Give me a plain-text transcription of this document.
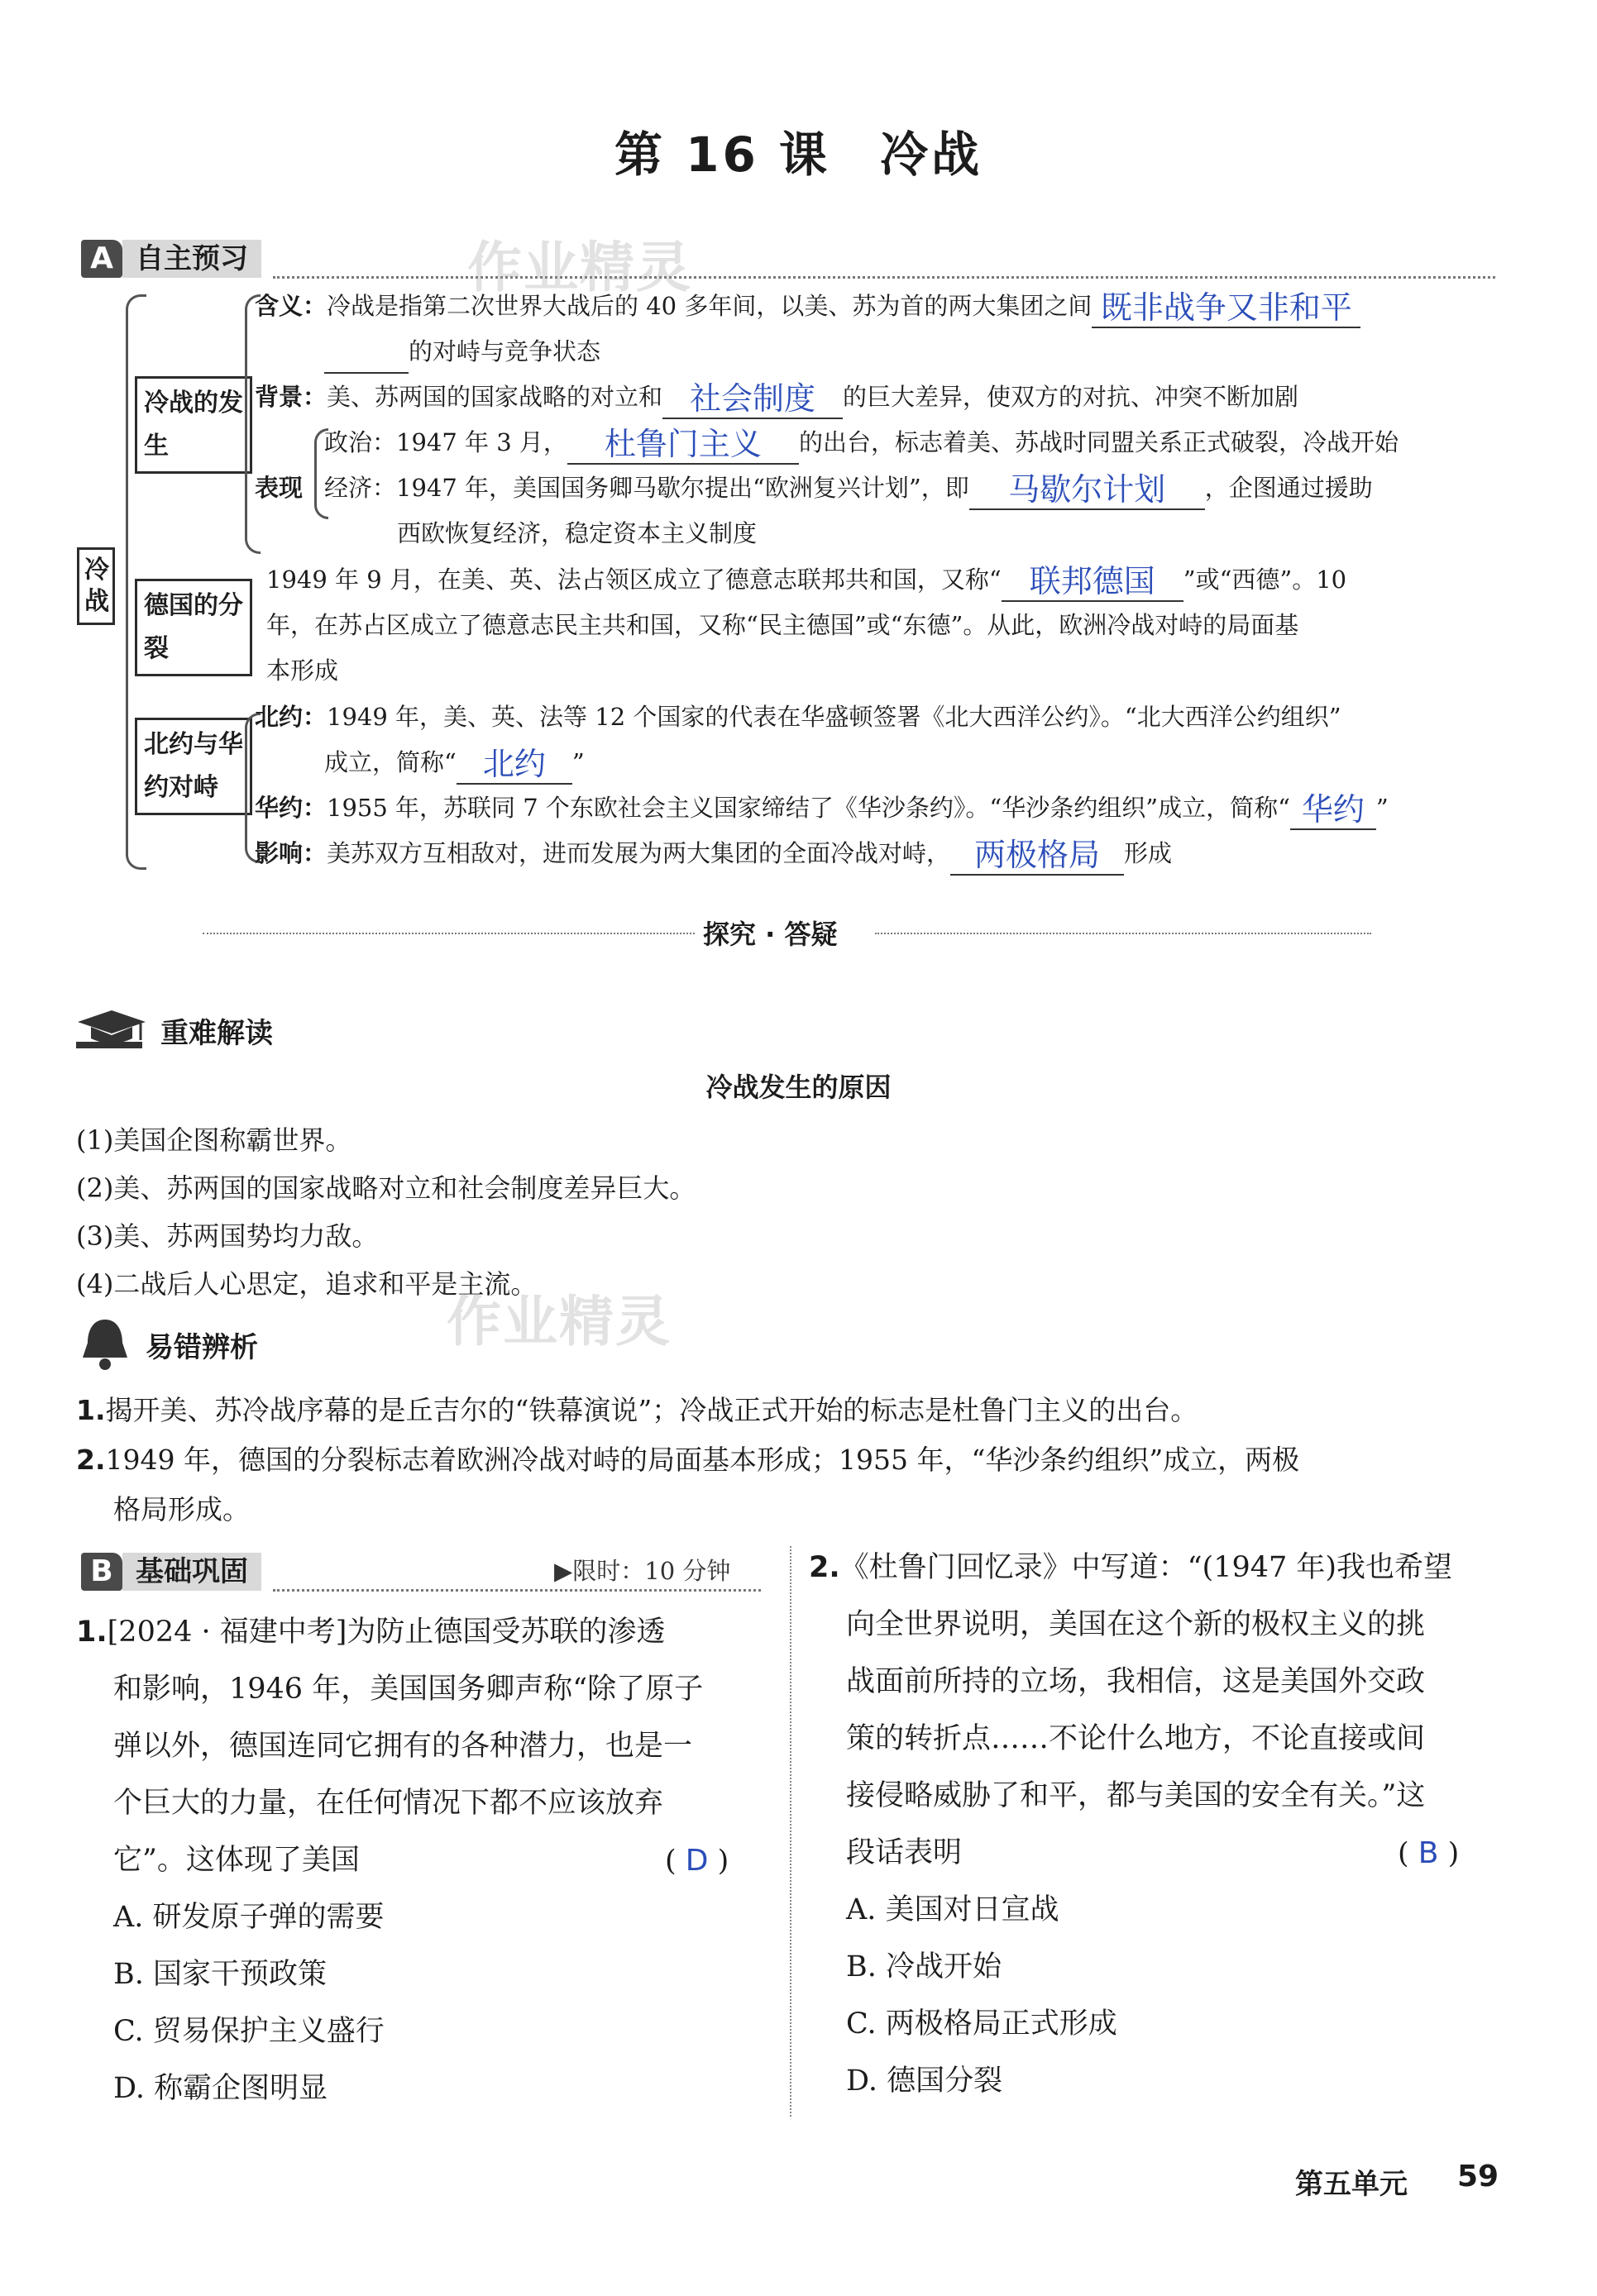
第 16 课 冷战
A 自主预习	作业精灵
冷战
冷战的发生
含义：冷战是指第二次世界大战后的 40 多年间，以美、苏为首的两大集团之间 既非战争又非和平
的对峙与竞争状态
背景：美、苏两国的国家战略的对立和 社会制度 的巨大差异，使双方的对抗、冲突不断加剧
表现
政治：1947 年 3 月， 杜鲁门主义 的出台，标志着美、苏战时同盟关系正式破裂，冷战开始
经济：1947 年，美国国务卿马歇尔提出“欧洲复兴计划”，即 马歇尔计划 ，企图通过援助
西欧恢复经济，稳定资本主义制度
德国的分裂
1949 年 9 月，在美、英、法占领区成立了德意志联邦共和国，又称“ 联邦德国 ”或“西德”。10
年，在苏占区成立了德意志民主共和国，又称“民主德国”或“东德”。从此，欧洲冷战对峙的局面基
本形成
北约与华约对峙
北约：1949 年，美、英、法等 12 个国家的代表在华盛顿签署《北大西洋公约》。“北大西洋公约组织”
成立，简称“ 北约 ”
华约：1955 年，苏联同 7 个东欧社会主义国家缔结了《华沙条约》。“华沙条约组织”成立，简称“ 华约 ”
影响：美苏双方互相敌对，进而发展为两大集团的全面冷战对峙， 两极格局 形成
探究 · 答疑
重难解读
冷战发生的原因
(1)美国企图称霸世界。
(2)美、苏两国的国家战略对立和社会制度差异巨大。
(3)美、苏两国势均力敌。
(4)二战后人心思定，追求和平是主流。
作业精灵
易错辨析
1.揭开美、苏冷战序幕的是丘吉尔的“铁幕演说”；冷战正式开始的标志是杜鲁门主义的出台。
2.1949 年，德国的分裂标志着欧洲冷战对峙的局面基本形成；1955 年，“华沙条约组织”成立，两极
格局形成。
B 基础巩固	▶限时：10 分钟
1.[2024 · 福建中考]为防止德国受苏联的渗透
和影响，1946 年，美国国务卿声称“除了原子
弹以外，德国连同它拥有的各种潜力，也是一
个巨大的力量，在任何情况下都不应该放弃
它”。这体现了美国	( D )
A. 研发原子弹的需要
B. 国家干预政策
C. 贸易保护主义盛行
D. 称霸企图明显
2.《杜鲁门回忆录》中写道：“(1947 年)我也希望
向全世界说明，美国在这个新的极权主义的挑
战面前所持的立场，我相信，这是美国外交政
策的转折点……不论什么地方，不论直接或间
接侵略威胁了和平，都与美国的安全有关。”这
段话表明	( B )
A. 美国对日宣战
B. 冷战开始
C. 两极格局正式形成
D. 德国分裂
第五单元 59
